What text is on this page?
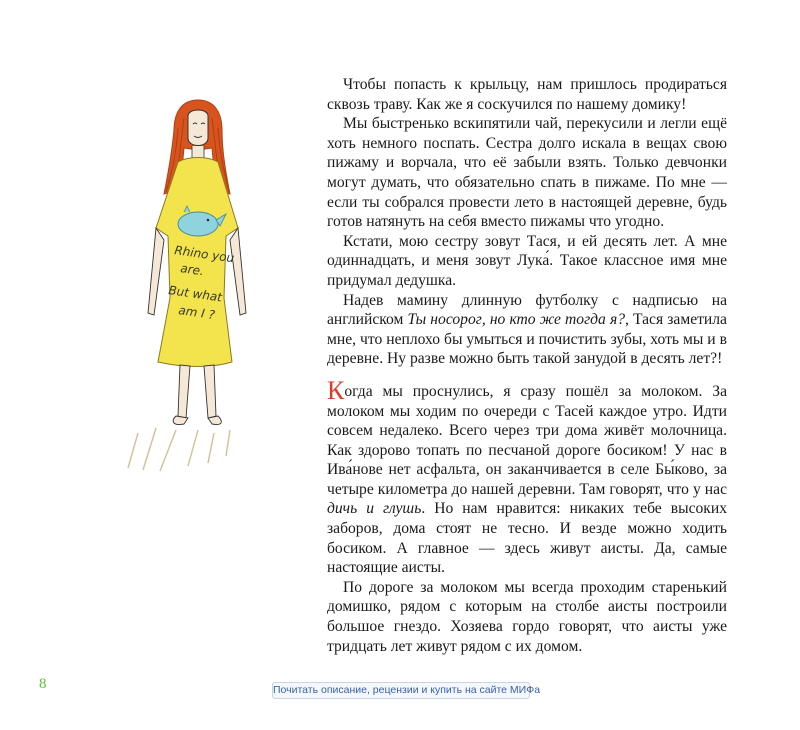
Rhino you
are.
But what
am I ?

Чтобы попасть к крыльцу, нам пришлось продираться сквозь траву. Как же я соскучился по нашему домику!

Мы быстренько вскипятили чай, перекусили и легли ещё хоть немного поспать. Сестра долго искала в вещах свою пижаму и ворчала, что её забыли взять. Только девчонки могут думать, что обязательно спать в пижаме. По мне — если ты собрался провести лето в настоящей деревне, будь готов натянуть на себя вместо пижамы что угодно.

Кстати, мою сестру зовут Тася, и ей десять лет. А мне одиннадцать, и меня зовут Лука́. Такое классное имя мне придумал дедушка.

Надев мамину длинную футболку с надписью на английском Ты носорог, но кто же тогда я?, Тася заметила мне, что неплохо бы умыться и почистить зубы, хоть мы и в деревне. Ну разве можно быть такой занудой в десять лет?!

Когда мы проснулись, я сразу пошёл за молоком. За молоком мы ходим по очереди с Тасей каждое утро. Идти совсем недалеко. Всего через три дома живёт молочница. Как здорово топать по песчаной дороге босиком! У нас в Ива́нове нет асфальта, он заканчивается в селе Бы́ково, за четыре километра до нашей деревни. Там говорят, что у нас дичь и глушь. Но нам нравится: никаких тебе высоких заборов, дома стоят не тесно. И везде можно ходить босиком. А главное — здесь живут аисты. Да, самые настоящие аисты.

По дороге за молоком мы всегда проходим старенький домишко, рядом с которым на столбе аисты построили большое гнездо. Хозяева гордо говорят, что аисты уже тридцать лет живут рядом с их домом.

8	Почитать описание, рецензии и купить на сайте МИФа
